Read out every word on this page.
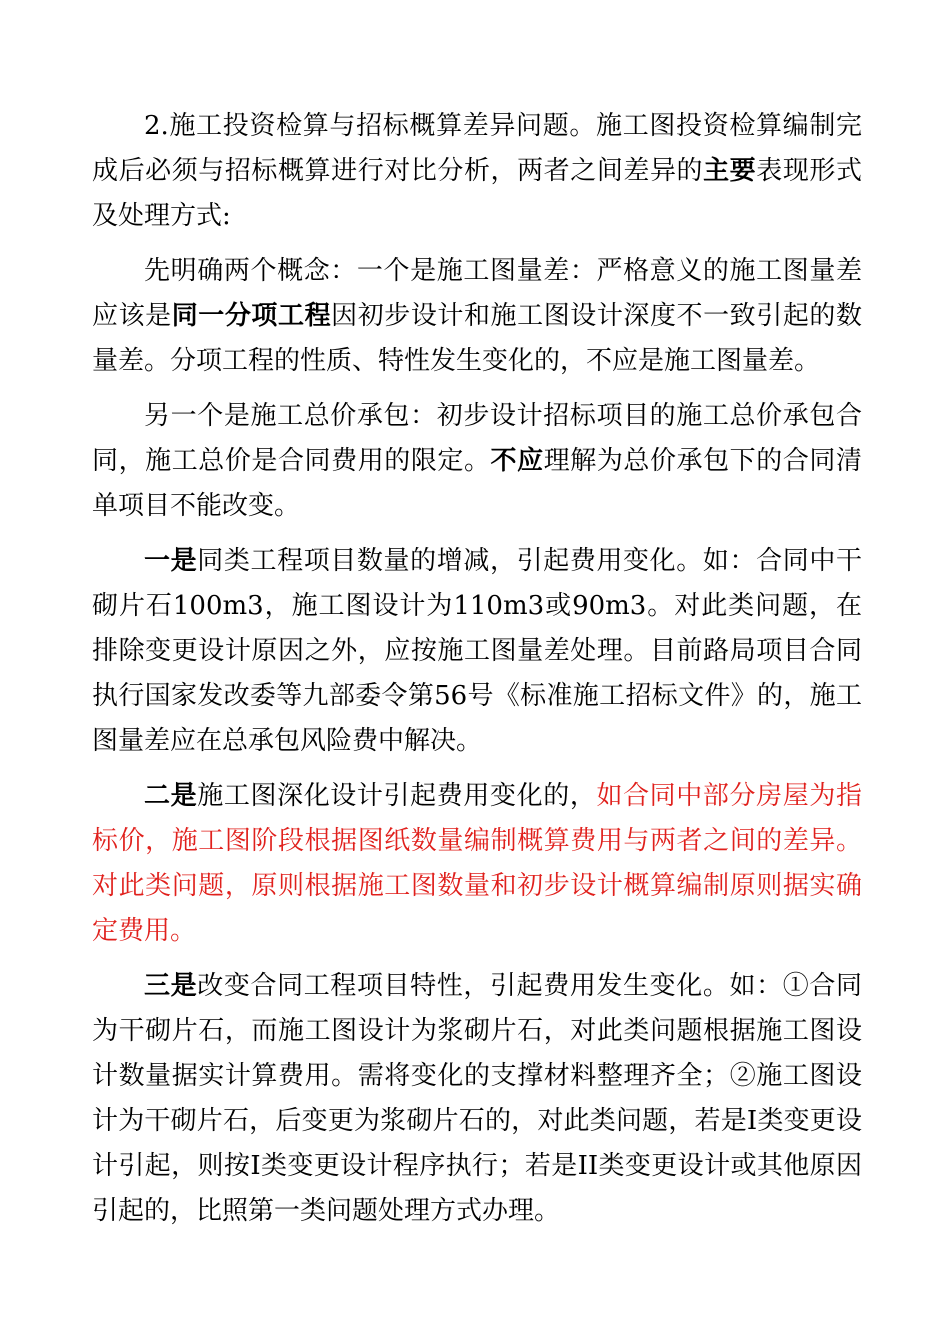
2.施工投资检算与招标概算差异问题。施工图投资检算编制完成后必须与招标概算进行对比分析，两者之间差异的主要表现形式及处理方式:

先明确两个概念：一个是施工图量差：严格意义的施工图量差应该是同一分项工程因初步设计和施工图设计深度不一致引起的数量差。分项工程的性质、特性发生变化的，不应是施工图量差。

另一个是施工总价承包：初步设计招标项目的施工总价承包合同，施工总价是合同费用的限定。不应理解为总价承包下的合同清单项目不能改变。

一是同类工程项目数量的增减，引起费用变化。如：合同中干砌片石100m3，施工图设计为110m3或90m3。对此类问题，在排除变更设计原因之外，应按施工图量差处理。目前路局项目合同执行国家发改委等九部委令第56号《标准施工招标文件》的，施工图量差应在总承包风险费中解决。

二是施工图深化设计引起费用变化的，如合同中部分房屋为指标价，施工图阶段根据图纸数量编制概算费用与两者之间的差异。对此类问题，原则根据施工图数量和初步设计概算编制原则据实确定费用。

三是改变合同工程项目特性，引起费用发生变化。如：①合同为干砌片石，而施工图设计为浆砌片石，对此类问题根据施工图设计数量据实计算费用。需将变化的支撑材料整理齐全；②施工图设计为干砌片石，后变更为浆砌片石的，对此类问题，若是I类变更设计引起，则按I类变更设计程序执行；若是II类变更设计或其他原因引起的，比照第一类问题处理方式办理。
